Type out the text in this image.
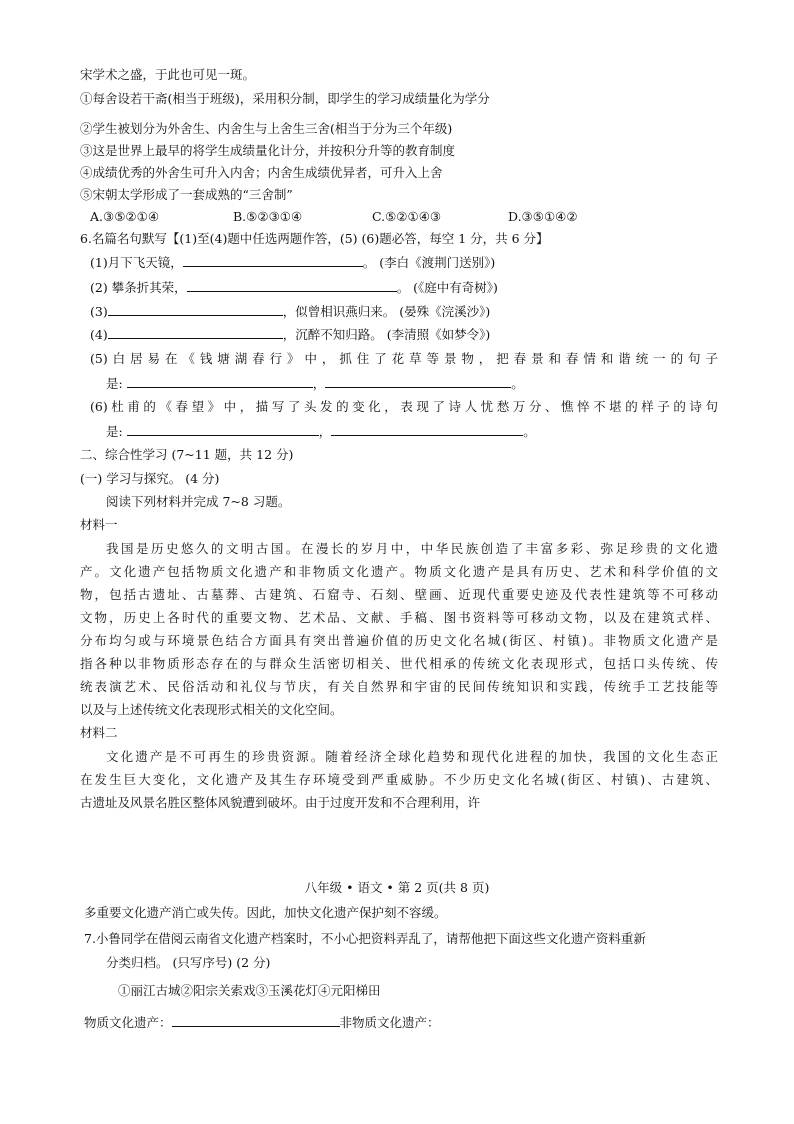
宋学术之盛，于此也可见一斑。
①每舍设若干斋(相当于班级)，采用积分制，即学生的学习成绩量化为学分
②学生被划分为外舍生、内舍生与上舍生三舍(相当于分为三个年级)
③这是世界上最早的将学生成绩量化计分，并按积分升等的教育制度
④成绩优秀的外舍生可升入内舍；内舍生成绩优异者，可升入上舍
⑤宋朝太学形成了一套成熟的“三舍制”
A.③⑤②①④	B.⑤②③①④	C.⑤②①④③	D.③⑤①④②
6.名篇名句默写【(1)至(4)题中任选两题作答，(5) (6)题必答，每空 1 分，共 6 分】
(1)月下飞天镜，	。 (李白《渡荆门送别》)
(2) 攀条折其荣，	。 (《庭中有奇树》)
(3)	，似曾相识燕归来。 (晏殊《浣溪沙》)
(4)	，沉醉不知归路。 (李清照《如梦令》)
(5)白居易在《钱塘湖春行》中，抓住了花草等景物，把春景和春情和谐统一的句子
是:	，	。
(6)杜甫的《春望》中，描写了头发的变化，表现了诗人忧愁万分、憔悴不堪的样子的诗句
是:	，	。
二、综合性学习 (7~11 题，共 12 分)
(一) 学习与探究。 (4 分)
阅读下列材料并完成 7~8 习题。
材料一
我国是历史悠久的文明古国。在漫长的岁月中，中华民族创造了丰富多彩、弥足珍贵的文化遗
产。文化遗产包括物质文化遗产和非物质文化遗产。物质文化遗产是具有历史、艺术和科学价值的文
物，包括古遗址、古墓葬、古建筑、石窟寺、石刻、壁画、近现代重要史迹及代表性建筑等不可移动
文物，历史上各时代的重要文物、艺术品、文献、手稿、图书资料等可移动文物，以及在建筑式样、
分布均匀或与环境景色结合方面具有突出普遍价值的历史文化名城(街区、村镇)。非物质文化遗产是
指各种以非物质形态存在的与群众生活密切相关、世代相承的传统文化表现形式，包括口头传统、传
统表演艺术、民俗活动和礼仪与节庆，有关自然界和宇宙的民间传统知识和实践，传统手工艺技能等
以及与上述传统文化表现形式相关的文化空间。
材料二
文化遗产是不可再生的珍贵资源。随着经济全球化趋势和现代化进程的加快，我国的文化生态正
在发生巨大变化，文化遗产及其生存环境受到严重威胁。不少历史文化名城(街区、村镇)、古建筑、
古遗址及风景名胜区整体风貌遭到破坏。由于过度开发和不合理利用，许
八年级 • 语文 • 第 2 页(共 8 页)
多重要文化遗产消亡或失传。因此，加快文化遗产保护刻不容缓。
7.小鲁同学在借阅云南省文化遗产档案时，不小心把资料弄乱了，请帮他把下面这些文化遗产资料重新
分类归档。 (只写序号) (2 分)
①丽江古城②阳宗关索戏③玉溪花灯④元阳梯田
物质文化遗产：	非物质文化遗产：
